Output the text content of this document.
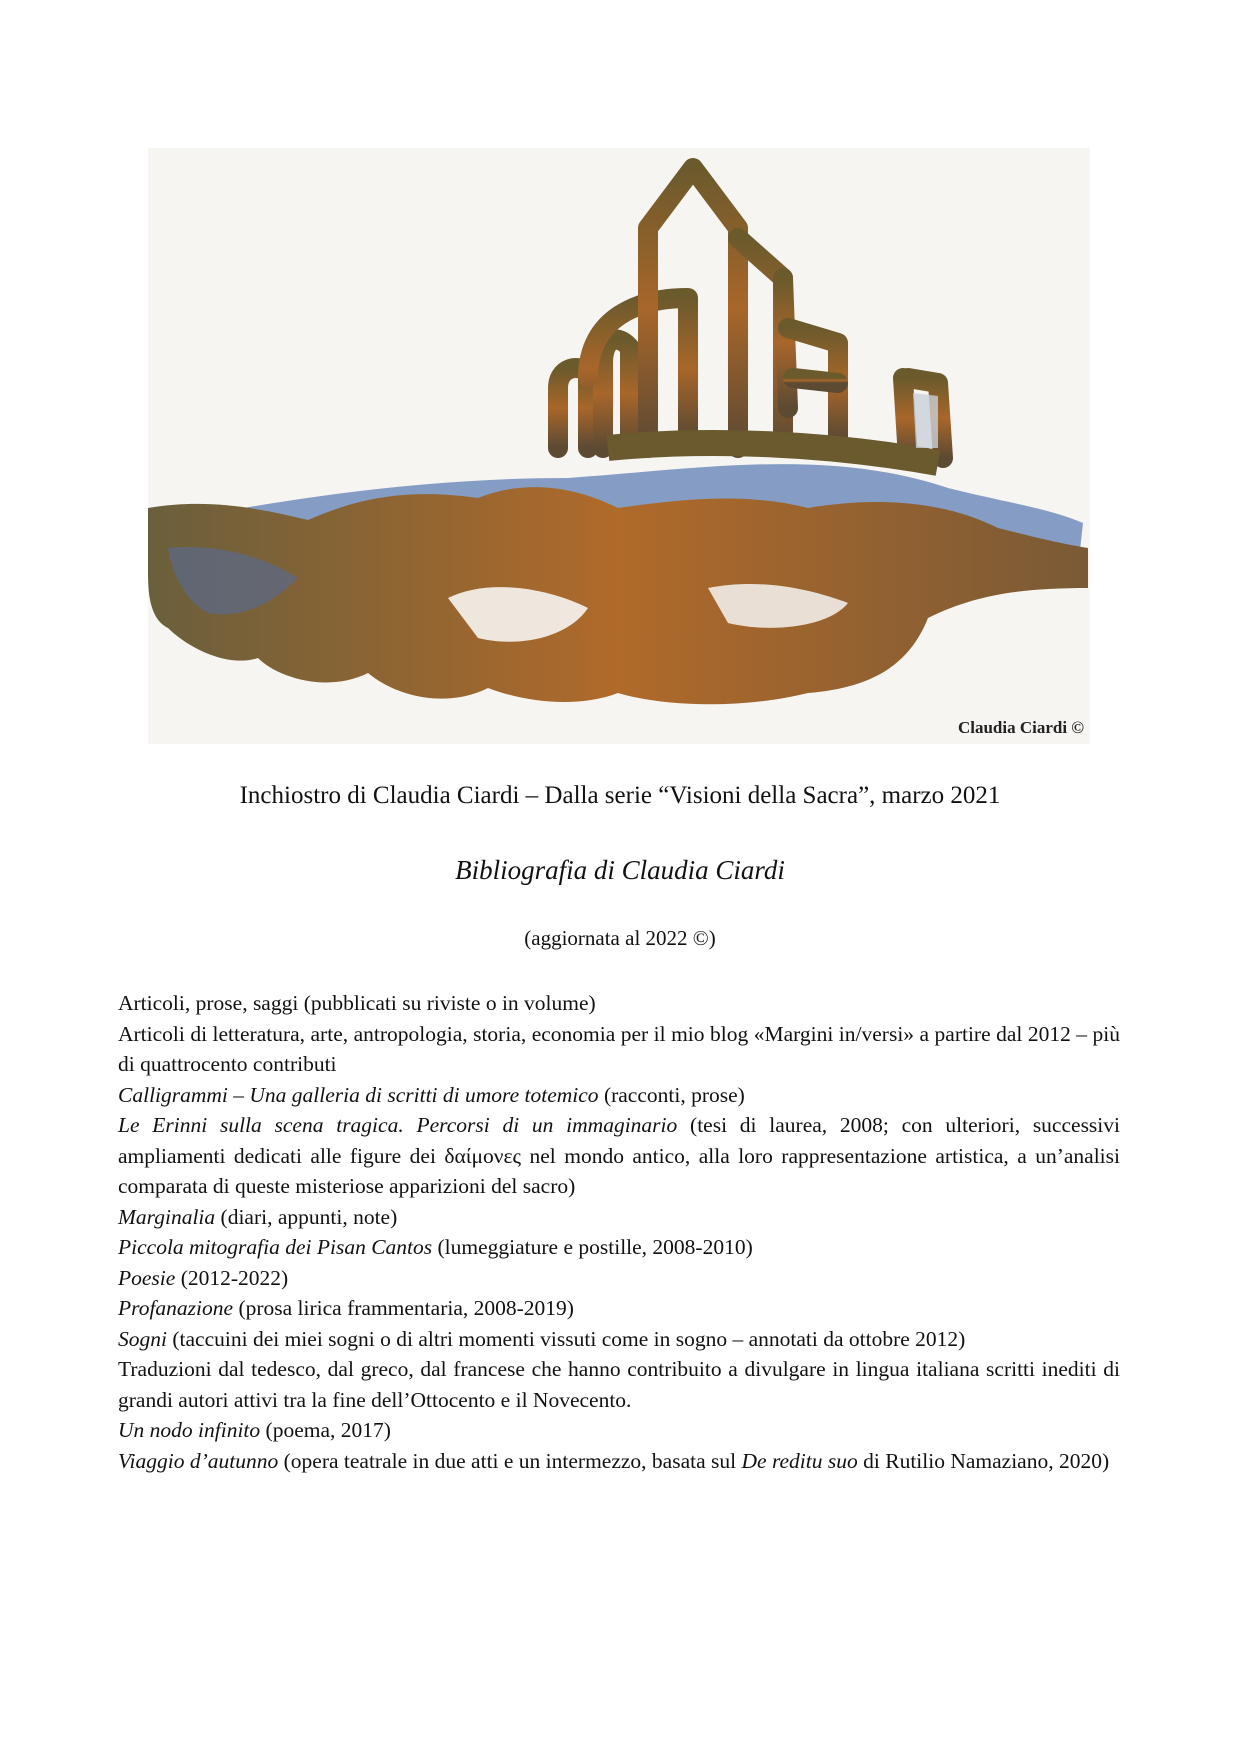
Claudia Ciardi ©
Inchiostro di Claudia Ciardi – Dalla serie “Visioni della Sacra”, marzo 2021
Bibliografia di Claudia Ciardi
(aggiornata al 2022 ©)

Articoli, prose, saggi (pubblicati su riviste o in volume)

Articoli di letteratura, arte, antropologia, storia, economia per il mio blog «Margini in/versi» a partire dal 2012 – più di quattrocento contributi

Calligrammi – Una galleria di scritti di umore totemico (racconti, prose)

Le Erinni sulla scena tragica. Percorsi di un immaginario (tesi di laurea, 2008; con ulteriori, successivi ampliamenti dedicati alle figure dei δαίμονες nel mondo antico, alla loro rappresentazione artistica, a un’analisi comparata di queste misteriose apparizioni del sacro)

Marginalia (diari, appunti, note)

Piccola mitografia dei Pisan Cantos (lumeggiature e postille, 2008-2010)

Poesie (2012-2022)

Profanazione (prosa lirica frammentaria, 2008-2019)

Sogni (taccuini dei miei sogni o di altri momenti vissuti come in sogno – annotati da ottobre 2012)

Traduzioni dal tedesco, dal greco, dal francese che hanno contribuito a divulgare in lingua italiana scritti inediti di grandi autori attivi tra la fine dell’Ottocento e il Novecento.

Un nodo infinito (poema, 2017)

Viaggio d’autunno (opera teatrale in due atti e un intermezzo, basata sul De reditu suo di Rutilio Namaziano, 2020)
